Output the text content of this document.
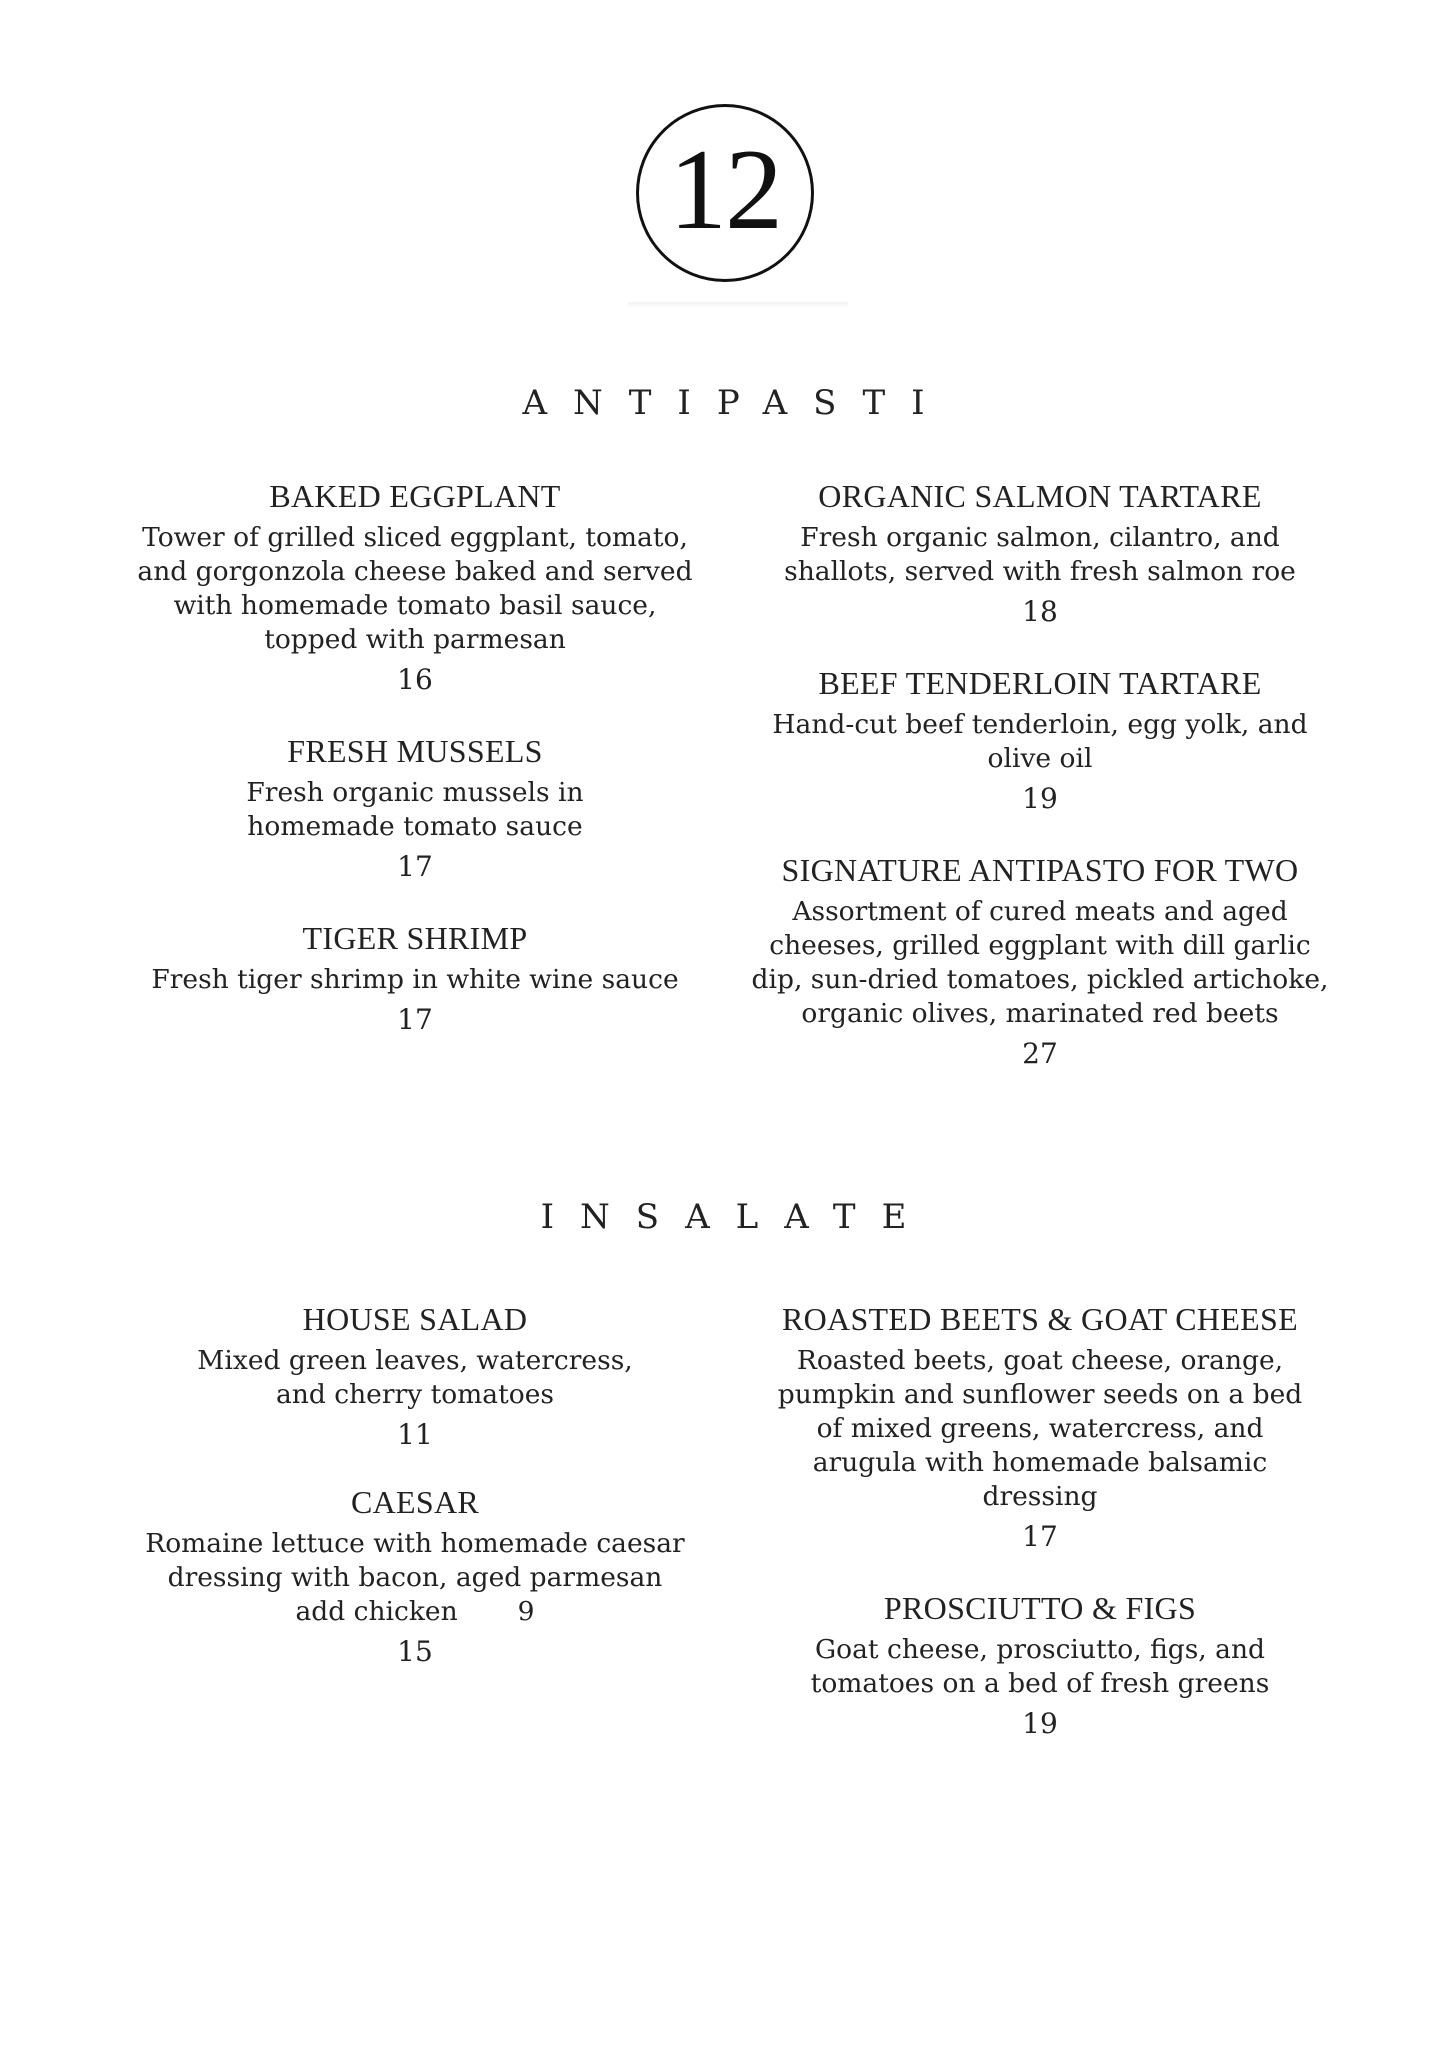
12
ANTIPASTI
BAKED EGGPLANT
Tower of grilled sliced eggplant, tomato, and gorgonzola cheese baked and served with homemade tomato basil sauce, topped with parmesan
16
FRESH MUSSELS
Fresh organic mussels in homemade tomato sauce
17
TIGER SHRIMP
Fresh tiger shrimp in white wine sauce
17
ORGANIC SALMON TARTARE
Fresh organic salmon, cilantro, and shallots, served with fresh salmon roe
18
BEEF TENDERLOIN TARTARE
Hand-cut beef tenderloin, egg yolk, and olive oil
19
SIGNATURE ANTIPASTO FOR TWO
Assortment of cured meats and aged cheeses, grilled eggplant with dill garlic dip, sun-dried tomatoes, pickled artichoke, organic olives, marinated red beets
27
INSALATE
HOUSE SALAD
Mixed green leaves, watercress, and cherry tomatoes
11
CAESAR
Romaine lettuce with homemade caesar dressing with bacon, aged parmesan
add chicken 9
15
ROASTED BEETS & GOAT CHEESE
Roasted beets, goat cheese, orange, pumpkin and sunflower seeds on a bed of mixed greens, watercress, and arugula with homemade balsamic dressing
17
PROSCIUTTO & FIGS
Goat cheese, prosciutto, figs, and tomatoes on a bed of fresh greens
19
